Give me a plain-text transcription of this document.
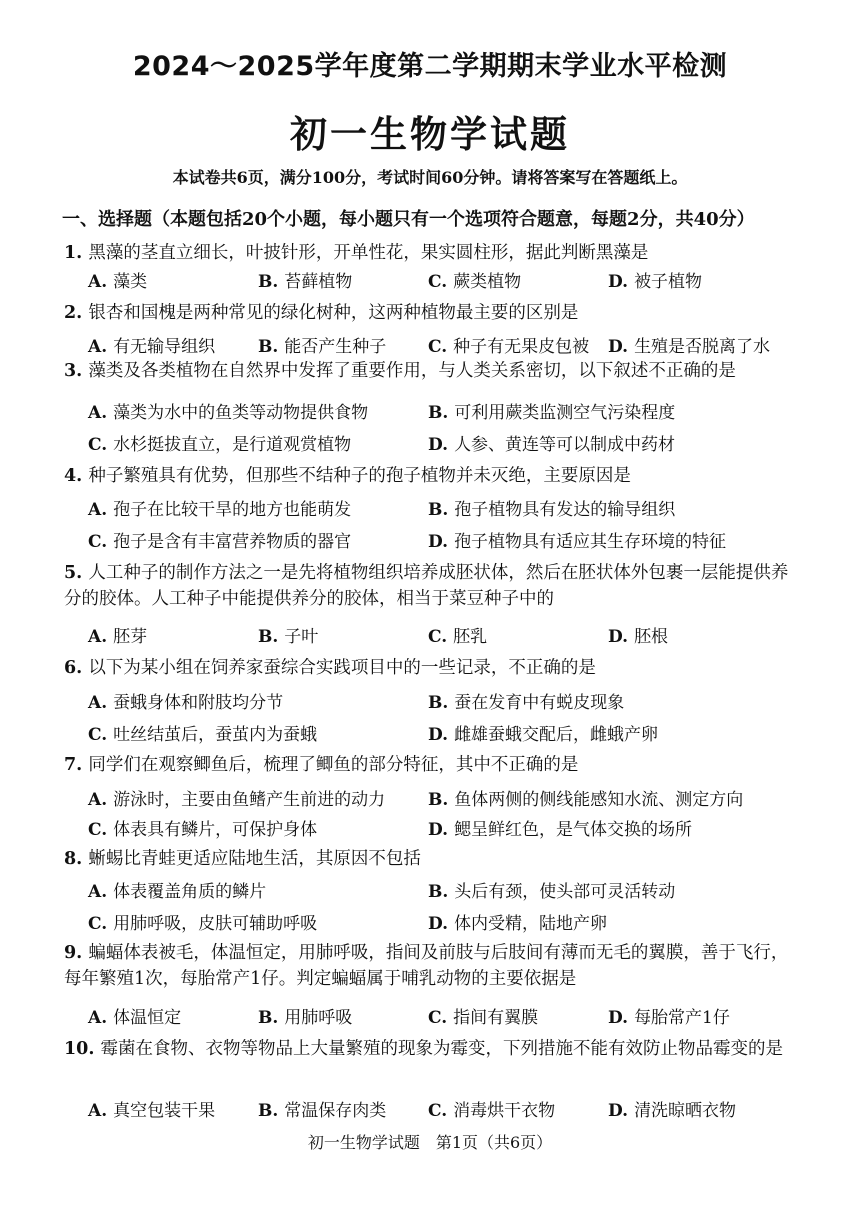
2024～2025学年度第二学期期末学业水平检测
初一生物学试题
本试卷共6页，满分100分，考试时间60分钟。请将答案写在答题纸上。
一、选择题（本题包括20个小题，每小题只有一个选项符合题意，每题2分，共40分）
1. 黑藻的茎直立细长，叶披针形，开单性花，果实圆柱形，据此判断黑藻是
A. 藻类	B. 苔藓植物	C. 蕨类植物	D. 被子植物
2. 银杏和国槐是两种常见的绿化树种，这两种植物最主要的区别是
A. 有无输导组织	B. 能否产生种子 C. 种子有无果皮包被 D. 生殖是否脱离了水
3. 藻类及各类植物在自然界中发挥了重要作用，与人类关系密切，以下叙述不正确的是
A. 藻类为水中的鱼类等动物提供食物	B. 可利用蕨类监测空气污染程度
C. 水杉挺拔直立，是行道观赏植物	D. 人参、黄连等可以制成中药材
4. 种子繁殖具有优势，但那些不结种子的孢子植物并未灭绝，主要原因是
A. 孢子在比较干旱的地方也能萌发	B. 孢子植物具有发达的输导组织
C. 孢子是含有丰富营养物质的器官	D. 孢子植物具有适应其生存环境的特征
5. 人工种子的制作方法之一是先将植物组织培养成胚状体，然后在胚状体外包裹一层能提供养分的胶体。人工种子中能提供养分的胶体，相当于菜豆种子中的
A. 胚芽	B. 子叶	C. 胚乳	D. 胚根
6. 以下为某小组在饲养家蚕综合实践项目中的一些记录，不正确的是
A. 蚕蛾身体和附肢均分节	B. 蚕在发育中有蜕皮现象
C. 吐丝结茧后，蚕茧内为蚕蛾	D. 雌雄蚕蛾交配后，雌蛾产卵
7. 同学们在观察鲫鱼后，梳理了鲫鱼的部分特征，其中不正确的是
A. 游泳时，主要由鱼鳍产生前进的动力	B. 鱼体两侧的侧线能感知水流、测定方向
C. 体表具有鳞片，可保护身体	D. 鳃呈鲜红色，是气体交换的场所
8. 蜥蜴比青蛙更适应陆地生活，其原因不包括
A. 体表覆盖角质的鳞片	B. 头后有颈，使头部可灵活转动
C. 用肺呼吸，皮肤可辅助呼吸	D. 体内受精，陆地产卵
9. 蝙蝠体表被毛，体温恒定，用肺呼吸，指间及前肢与后肢间有薄而无毛的翼膜，善于飞行，每年繁殖1次，每胎常产1仔。判定蝙蝠属于哺乳动物的主要依据是
A. 体温恒定	B. 用肺呼吸	C. 指间有翼膜	D. 每胎常产1仔
10. 霉菌在食物、衣物等物品上大量繁殖的现象为霉变，下列措施不能有效防止物品霉变的是
A. 真空包装干果	B. 常温保存肉类 C. 消毒烘干衣物	D. 清洗晾晒衣物
初一生物学试题　第1页（共6页）
